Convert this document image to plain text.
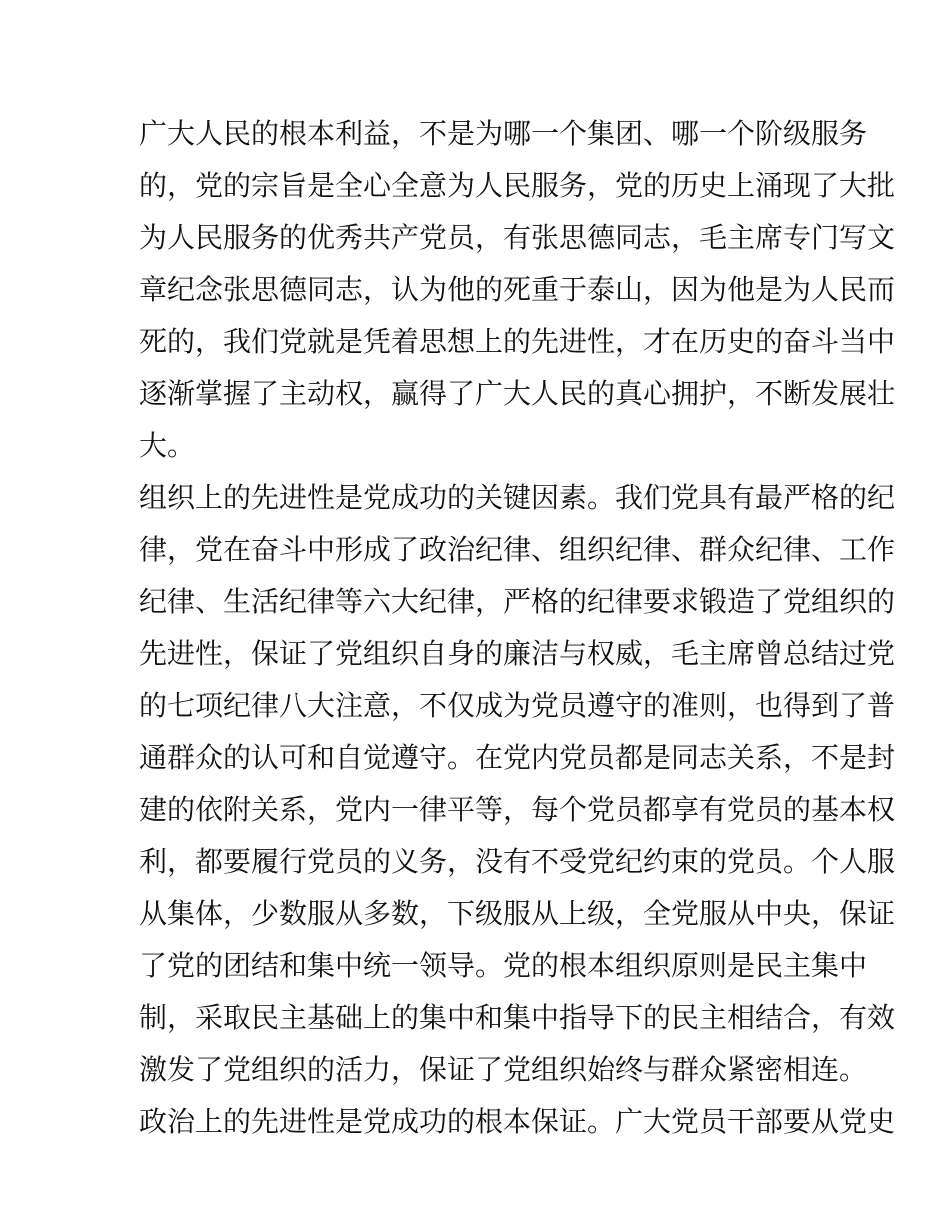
广大人民的根本利益，不是为哪一个集团、哪一个阶级服务

的，党的宗旨是全心全意为人民服务，党的历史上涌现了大批

为人民服务的优秀共产党员，有张思德同志，毛主席专门写文

章纪念张思德同志，认为他的死重于泰山，因为他是为人民而

死的，我们党就是凭着思想上的先进性，才在历史的奋斗当中

逐渐掌握了主动权，赢得了广大人民的真心拥护，不断发展壮

大。

组织上的先进性是党成功的关键因素。我们党具有最严格的纪

律，党在奋斗中形成了政治纪律、组织纪律、群众纪律、工作

纪律、生活纪律等六大纪律，严格的纪律要求锻造了党组织的

先进性，保证了党组织自身的廉洁与权威，毛主席曾总结过党

的七项纪律八大注意，不仅成为党员遵守的准则，也得到了普

通群众的认可和自觉遵守。在党内党员都是同志关系，不是封

建的依附关系，党内一律平等，每个党员都享有党员的基本权

利，都要履行党员的义务，没有不受党纪约束的党员。个人服

从集体，少数服从多数，下级服从上级，全党服从中央，保证

了党的团结和集中统一领导。党的根本组织原则是民主集中

制，采取民主基础上的集中和集中指导下的民主相结合，有效

激发了党组织的活力，保证了党组织始终与群众紧密相连。

政治上的先进性是党成功的根本保证。广大党员干部要从党史
